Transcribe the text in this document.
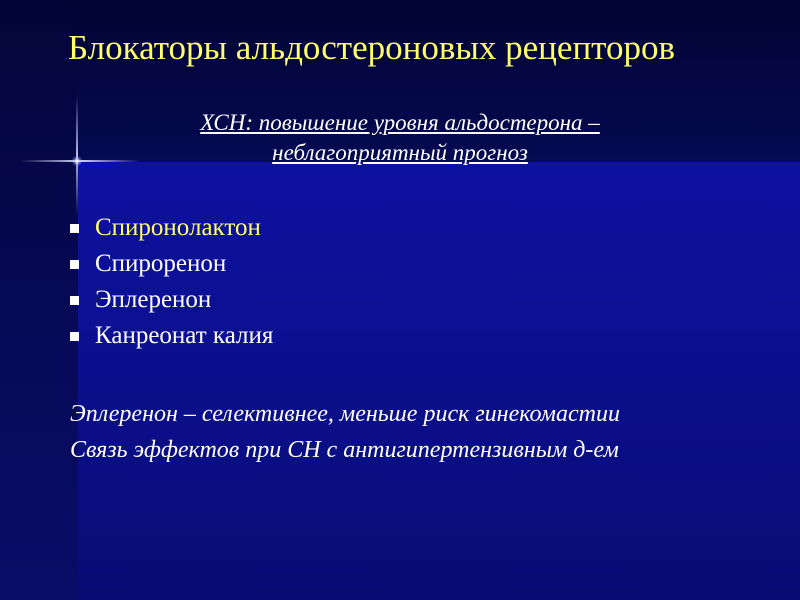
Блокаторы альдостероновых рецепторов
ХСН: повышение уровня альдостерона –
неблагоприятный прогноз
Спиронолактон
Спироренон
Эплеренон
Канреонат калия

Эплеренон – селективнее, меньше риск гинекомастии

Связь эффектов при СН с антигипертензивным д-ем
